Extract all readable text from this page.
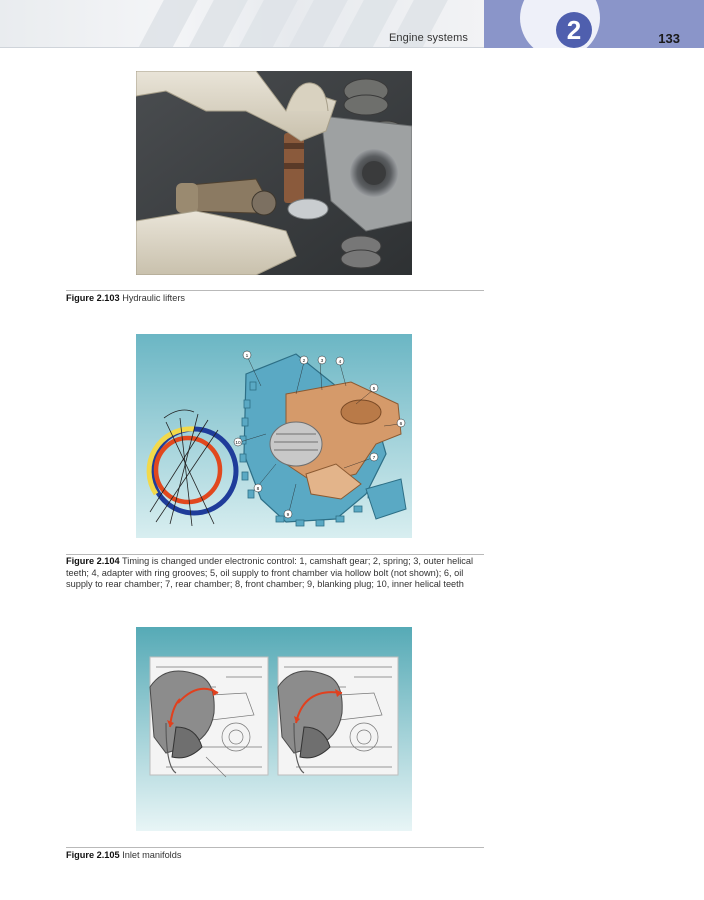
Engine systems	2	133
Figure 2.103 Hydraulic lifters
1
2	3	4
5
6
7
8
9
10
Figure 2.104 Timing is changed under electronic control: 1, camshaft gear; 2, spring; 3, outer helical teeth; 4, adapter with ring grooves; 5, oil supply to front chamber via hollow bolt (not shown); 6, oil supply to rear chamber; 7, rear chamber; 8, front chamber; 9, blanking plug; 10, inner helical teeth
Figure 2.105 Inlet manifolds
